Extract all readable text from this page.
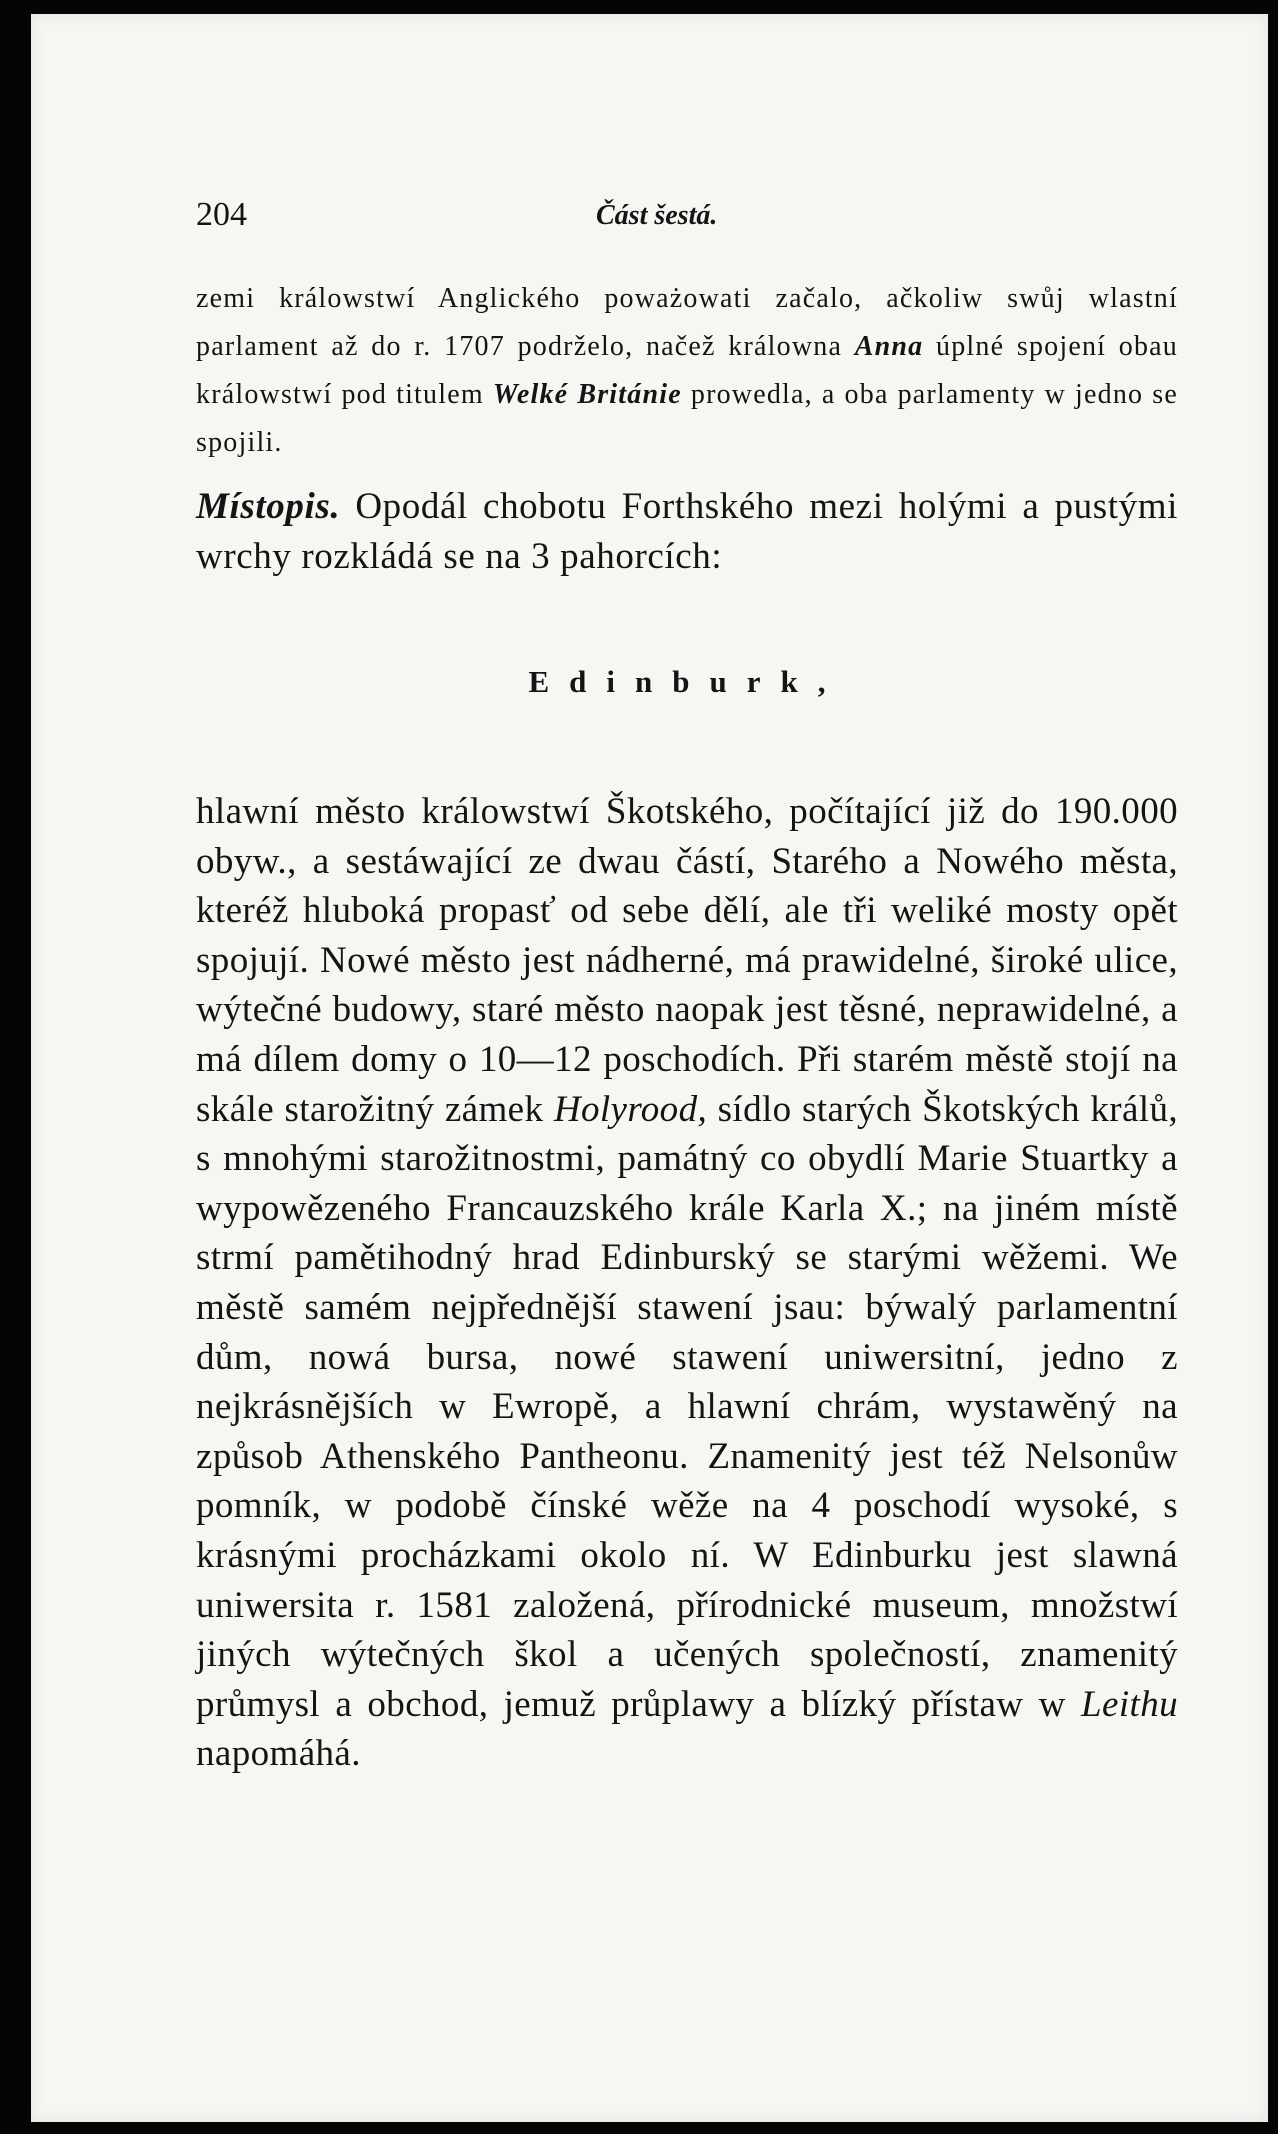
204	Část šestá.
zemi králowstwí Anglického poważowati začalo, ačkoliw swůj wlastní parlament až do r. 1707 podrželo, načež králowna Anna úplné spojení obau králowstwí pod titulem Welké Británie prowedla, a oba parlamenty w jedno se spojili.
Místopis. Opodál chobotu Forthského mezi holými a pustými wrchy rozkládá se na 3 pahorcích:
Edinburk,
hlawní město králowstwí Škotského, počítající již do 190.000 obyw., a sestáwající ze dwau částí, Starého a Nowého města, kteréž hluboká propasť od sebe dělí, ale tři weliké mosty opět spojují. Nowé město jest nádherné, má prawidelné, široké ulice, wýtečné budowy, staré město naopak jest těsné, neprawidelné, a má dílem domy o 10—12 poschodích. Při starém městě stojí na skále starožitný zámek Holyrood, sídlo starých Škotských králů, s mnohými starožitnostmi, památný co obydlí Marie Stuartky a wypowězeného Francauzského krále Karla X.; na jiném místě strmí pamětihodný hrad Edinburský se starými wěžemi. We městě samém nejpřednější stawení jsau: býwalý parlamentní dům, nowá bursa, nowé stawení uniwersitní, jedno z nejkrásnějších w Ewropě, a hlawní chrám, wystawěný na způsob Athenského Pantheonu. Znamenitý jest též Nelsonůw pomník, w podobě čínské wěže na 4 poschodí wysoké, s krásnými procházkami okolo ní. W Edinburku jest slawná uniwersita r. 1581 založená, přírodnické museum, množstwí jiných wýtečných škol a učených společností, znamenitý průmysl a obchod, jemuž průplawy a blízký přístaw w Leithu napomáhá.
